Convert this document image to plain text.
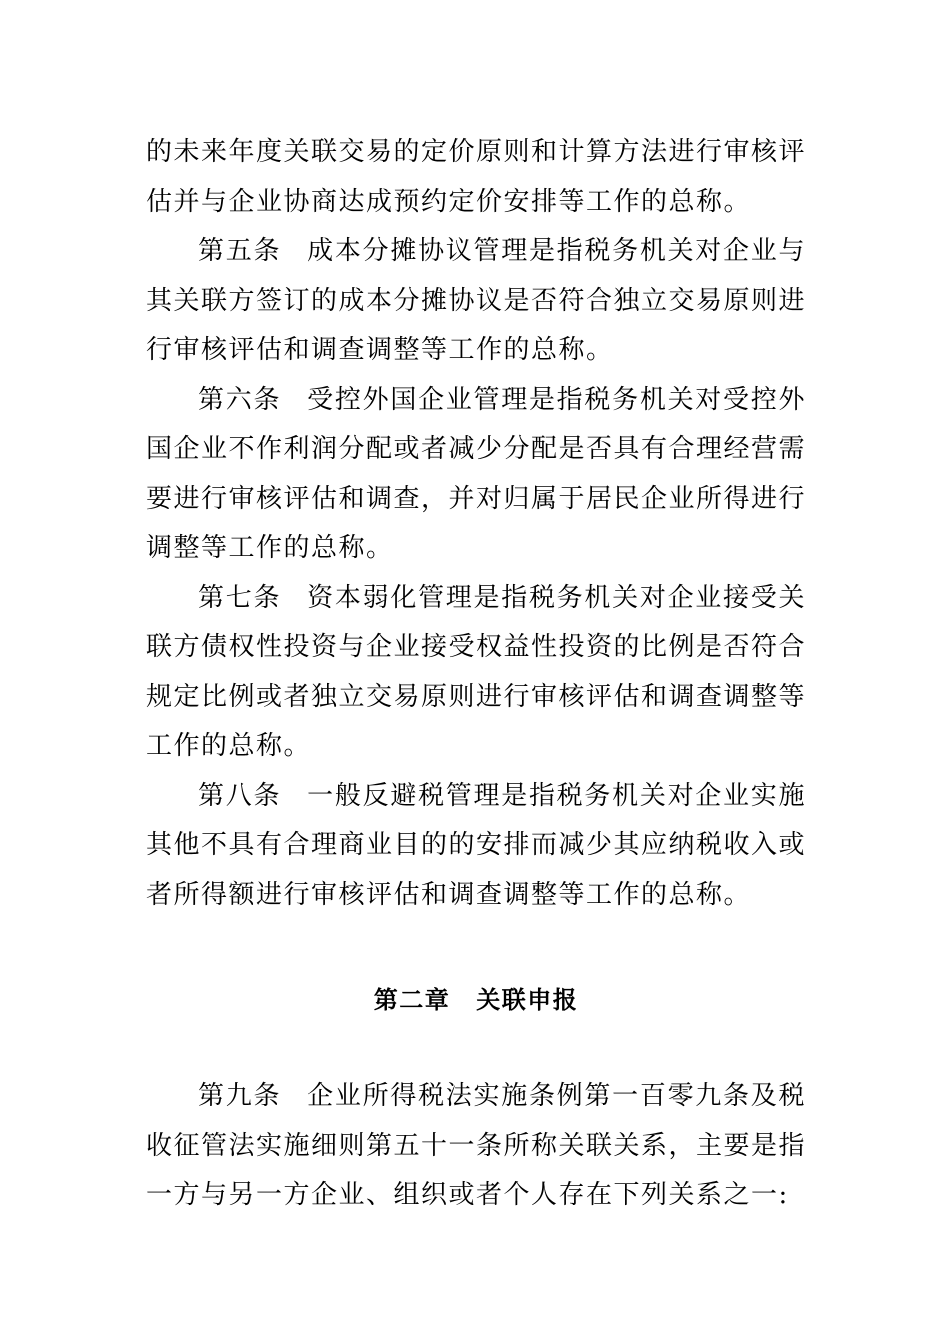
的未来年度关联交易的定价原则和计算方法进行审核评估并与企业协商达成预约定价安排等工作的总称。

第五条 成本分摊协议管理是指税务机关对企业与其关联方签订的成本分摊协议是否符合独立交易原则进行审核评估和调查调整等工作的总称。

第六条 受控外国企业管理是指税务机关对受控外国企业不作利润分配或者减少分配是否具有合理经营需要进行审核评估和调查，并对归属于居民企业所得进行调整等工作的总称。

第七条 资本弱化管理是指税务机关对企业接受关联方债权性投资与企业接受权益性投资的比例是否符合规定比例或者独立交易原则进行审核评估和调查调整等工作的总称。

第八条 一般反避税管理是指税务机关对企业实施其他不具有合理商业目的的安排而减少其应纳税收入或者所得额进行审核评估和调查调整等工作的总称。

第二章 关联申报

第九条 企业所得税法实施条例第一百零九条及税收征管法实施细则第五十一条所称关联关系，主要是指一方与另一方企业、组织或者个人存在下列关系之一:
